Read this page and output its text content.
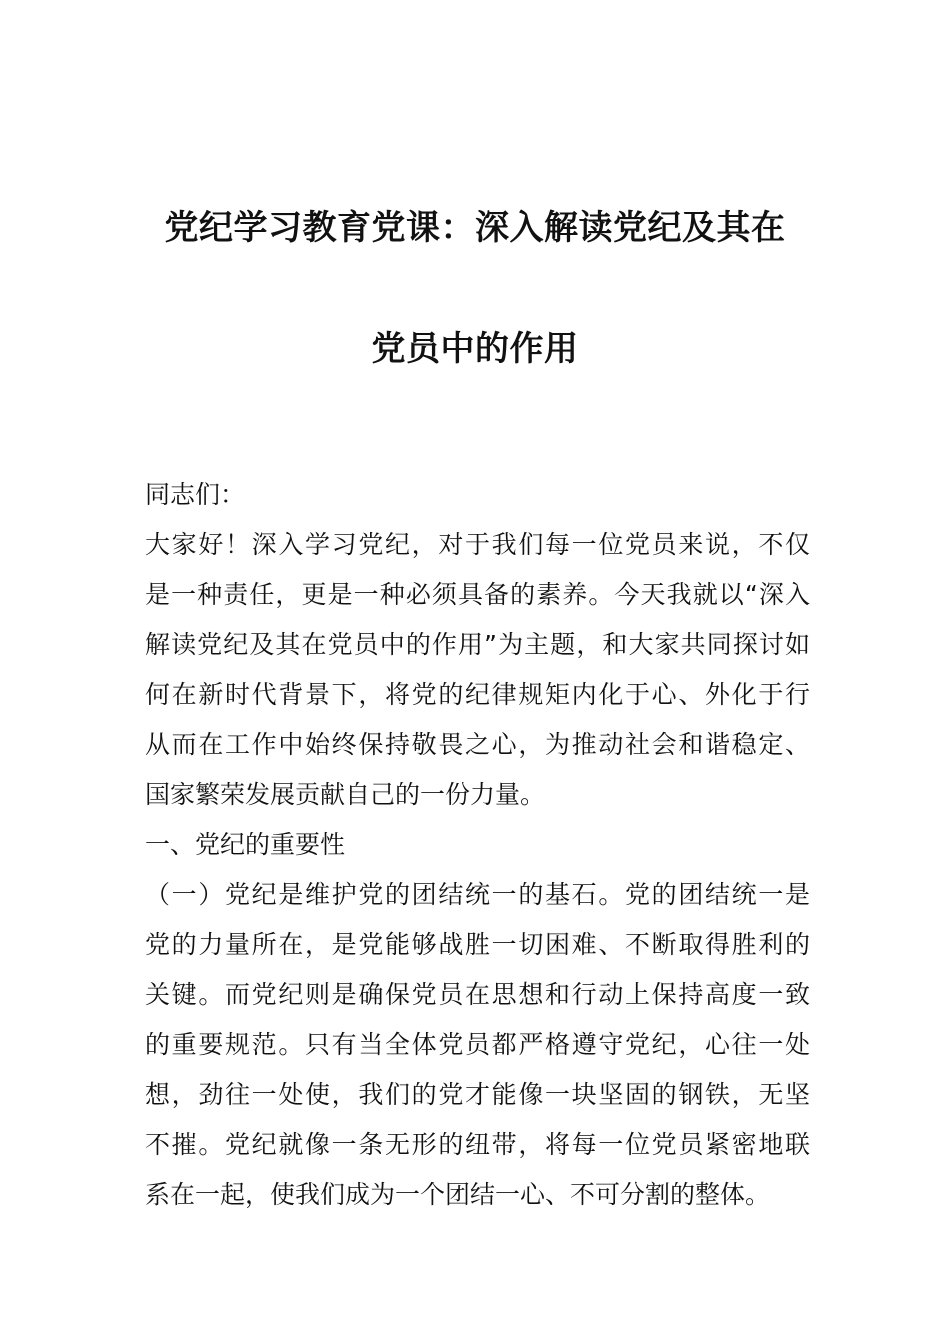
党纪学习教育党课：深入解读党纪及其在
党员中的作用
同志们：
大家好！深入学习党纪，对于我们每一位党员来说，不仅
是一种责任，更是一种必须具备的素养。今天我就以“深入
解读党纪及其在党员中的作用”为主题，和大家共同探讨如
何在新时代背景下，将党的纪律规矩内化于心、外化于行
从而在工作中始终保持敬畏之心，为推动社会和谐稳定、
国家繁荣发展贡献自己的一份力量。
一、党纪的重要性
（一）党纪是维护党的团结统一的基石。党的团结统一是
党的力量所在，是党能够战胜一切困难、不断取得胜利的
关键。而党纪则是确保党员在思想和行动上保持高度一致
的重要规范。只有当全体党员都严格遵守党纪，心往一处
想，劲往一处使，我们的党才能像一块坚固的钢铁，无坚
不摧。党纪就像一条无形的纽带，将每一位党员紧密地联
系在一起，使我们成为一个团结一心、不可分割的整体。
